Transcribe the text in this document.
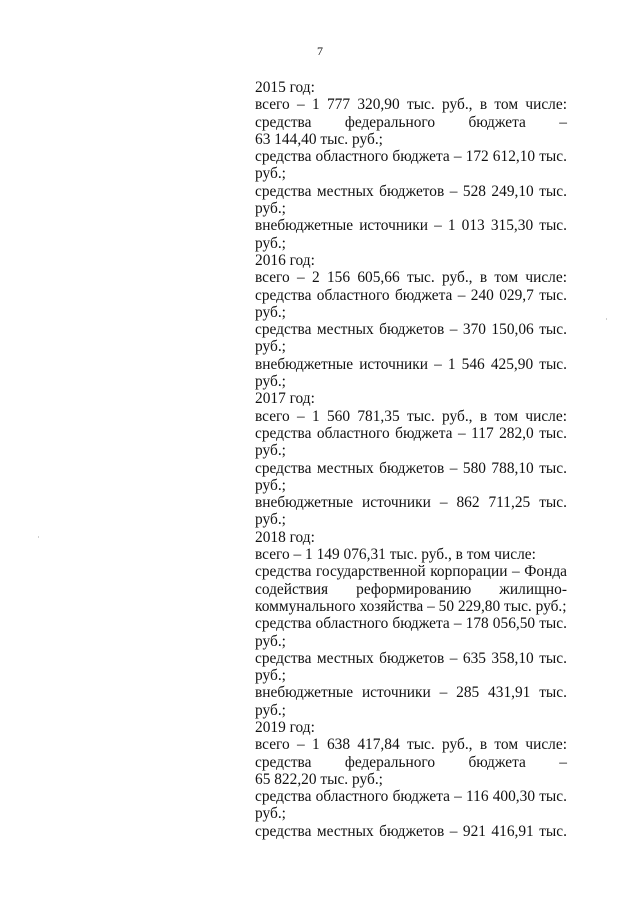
7
2015 год:
всего – 1 777 320,90 тыс. руб., в том числе:
средства федерального бюджета –
63 144,40 тыс. руб.;
средства областного бюджета – 172 612,10 тыс.
руб.;
средства местных бюджетов – 528 249,10 тыс.
руб.;
внебюджетные источники – 1 013 315,30 тыс.
руб.;
2016 год:
всего – 2 156 605,66 тыс. руб., в том числе:
средства областного бюджета – 240 029,7 тыс.
руб.;
средства местных бюджетов – 370 150,06 тыс.
руб.;
внебюджетные источники – 1 546 425,90 тыс.
руб.;
2017 год:
всего – 1 560 781,35 тыс. руб., в том числе:
средства областного бюджета – 117 282,0 тыс.
руб.;
средства местных бюджетов – 580 788,10 тыс.
руб.;
внебюджетные источники – 862 711,25 тыс.
руб.;
2018 год:
всего – 1 149 076,31 тыс. руб., в том числе:
средства государственной корпорации – Фонда
содействия реформированию жилищно-
коммунального хозяйства – 50 229,80 тыс. руб.;
средства областного бюджета – 178 056,50 тыс.
руб.;
средства местных бюджетов – 635 358,10 тыс.
руб.;
внебюджетные источники – 285 431,91 тыс.
руб.;
2019 год:
всего – 1 638 417,84 тыс. руб., в том числе:
средства федерального бюджета –
65 822,20 тыс. руб.;
средства областного бюджета – 116 400,30 тыс.
руб.;
средства местных бюджетов – 921 416,91 тыс.
